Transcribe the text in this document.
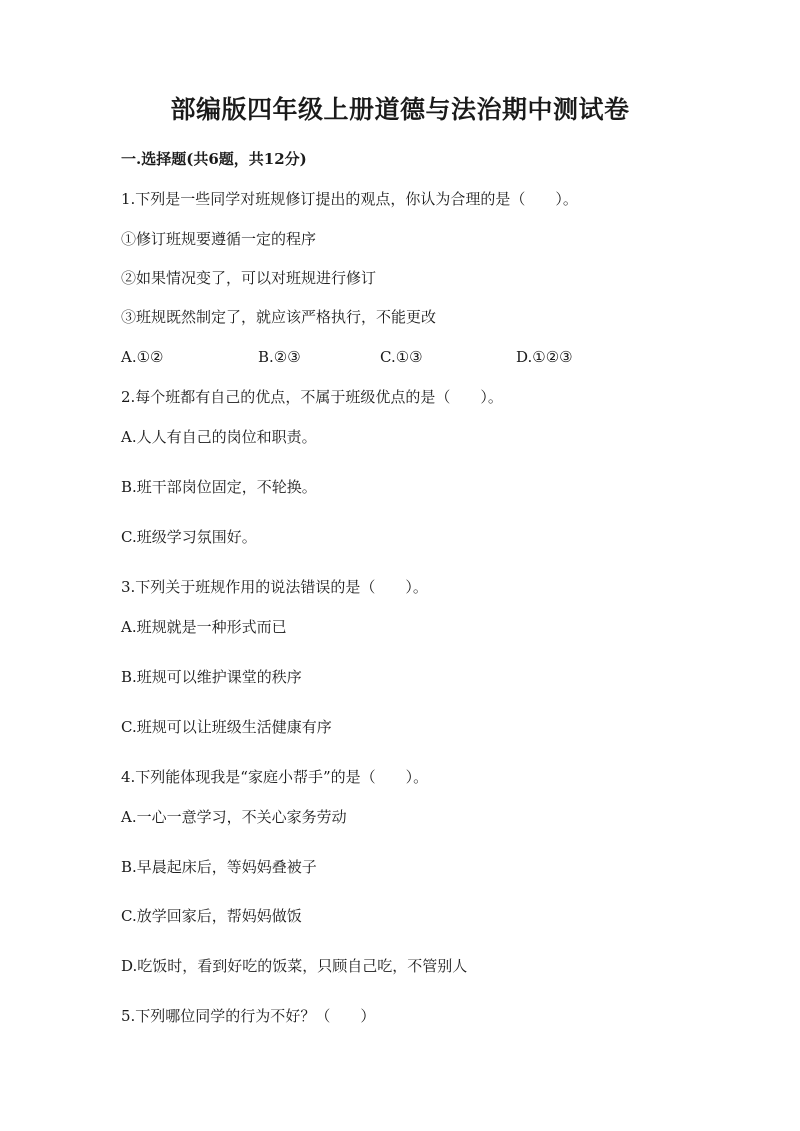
部编版四年级上册道德与法治期中测试卷
一.选择题(共6题，共12分)
1.下列是一些同学对班规修订提出的观点，你认为合理的是（　　）。
①修订班规要遵循一定的程序
②如果情况变了，可以对班规进行修订
③班规既然制定了，就应该严格执行，不能更改
A.①②	B.②③	C.①③	D.①②③
2.每个班都有自己的优点，不属于班级优点的是（　　）。
A.人人有自己的岗位和职责。
B.班干部岗位固定，不轮换。
C.班级学习氛围好。
3.下列关于班规作用的说法错误的是（　　）。
A.班规就是一种形式而已
B.班规可以维护课堂的秩序
C.班规可以让班级生活健康有序
4.下列能体现我是“家庭小帮手”的是（　　）。
A.一心一意学习，不关心家务劳动
B.早晨起床后，等妈妈叠被子
C.放学回家后，帮妈妈做饭
D.吃饭时，看到好吃的饭菜，只顾自己吃，不管别人
5.下列哪位同学的行为不好？（　　）
